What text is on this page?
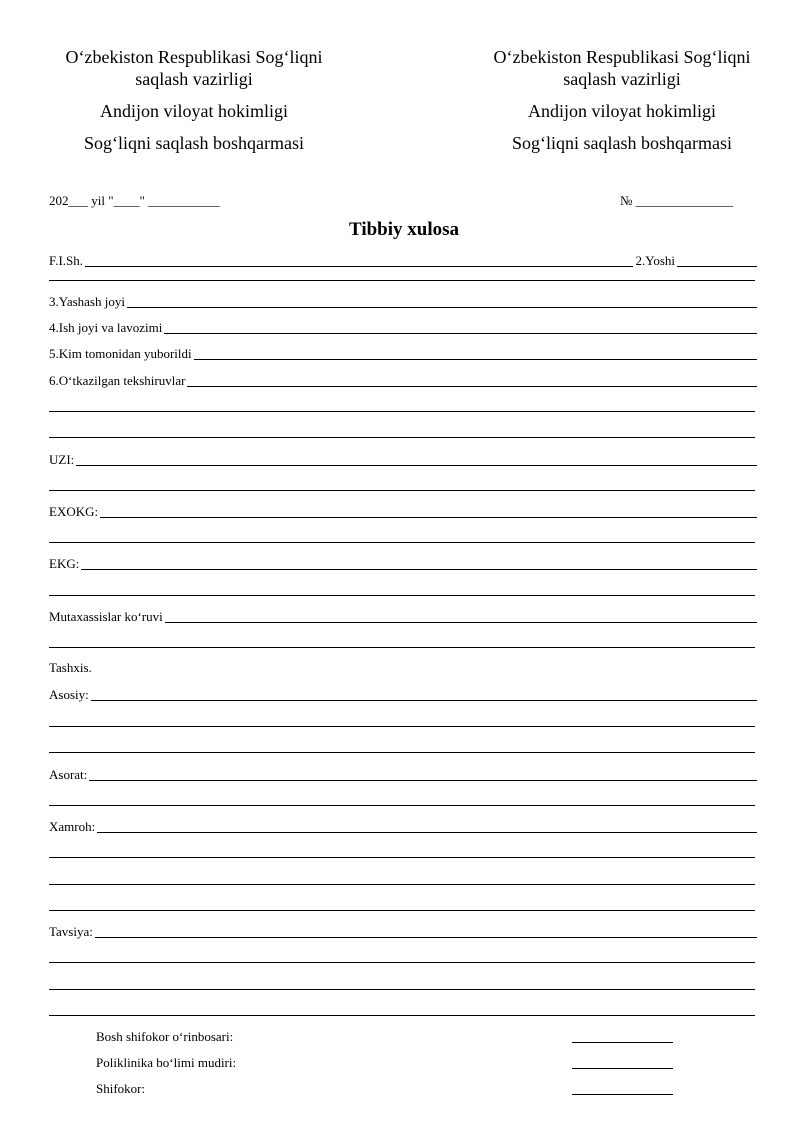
O‘zbekiston Respublikasi Sog‘liqni
saqlash vazirligi
Andijon viloyat hokimligi
Sog‘liqni saqlash boshqarmasi
O‘zbekiston Respublikasi Sog‘liqni
saqlash vazirligi
Andijon viloyat hokimligi
Sog‘liqni saqlash boshqarmasi
202___ yil "____" ___________	№ _______________
Tibbiy xulosa
F.I.Sh.	2.Yoshi
3.Yashash joyi
4.Ish joyi va lavozimi
5.Kim tomonidan yuborildi
6.O‘tkazilgan tekshiruvlar
UZI:
EXOKG:
EKG:
Mutaxassislar ko‘ruvi
Tashxis.
Asosiy:
Asorat:
Xamroh:
Tavsiya:
Bosh shifokor o‘rinbosari:
Poliklinika bo‘limi mudiri:
Shifokor:
